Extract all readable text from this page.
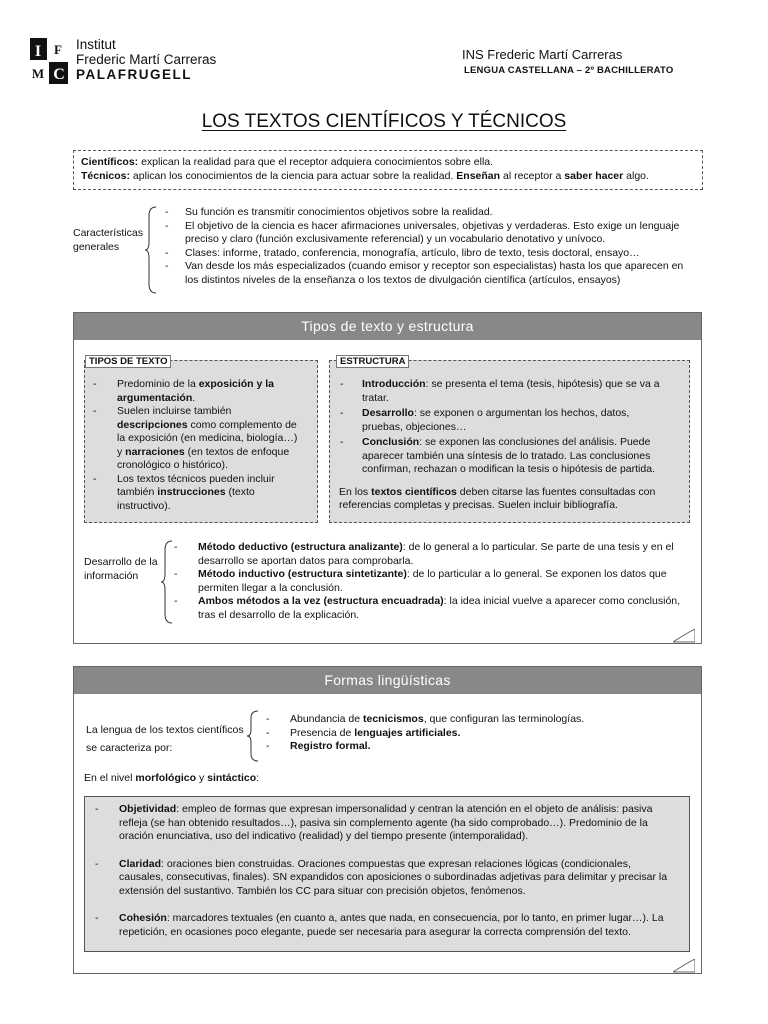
I F
M C
Institut
Frederic Martí Carreras
PALAFRUGELL
INS Frederic Martí Carreras
LENGUA CASTELLANA – 2º BACHILLERATO
LOS TEXTOS CIENTÍFICOS Y TÉCNICOS
Científicos: explican la realidad para que el receptor adquiera conocimientos sobre ella.
Técnicos: aplican los conocimientos de la ciencia para actuar sobre la realidad. Enseñan al receptor a saber hacer algo.
Características
generales
- Su función es transmitir conocimientos objetivos sobre la realidad.
- El objetivo de la ciencia es hacer afirmaciones universales, objetivas y verdaderas. Esto exige un lenguaje preciso y claro (función exclusivamente referencial) y un vocabulario denotativo y unívoco.
- Clases: informe, tratado, conferencia, monografía, artículo, libro de texto, tesis doctoral, ensayo…
- Van desde los más especializados (cuando emisor y receptor son especialistas) hasta los que aparecen en los distintos niveles de la enseñanza o los textos de divulgación científica (artículos, ensayos)
Tipos de texto y estructura
TIPOS DE TEXTO
- Predominio de la exposición y la argumentación.
- Suelen incluirse también descripciones como complemento de la exposición (en medicina, biología…) y narraciones (en textos de enfoque cronológico o histórico).
- Los textos técnicos pueden incluir también instrucciones (texto instructivo).
ESTRUCTURA
- Introducción: se presenta el tema (tesis, hipótesis) que se va a tratar.
- Desarrollo: se exponen o argumentan los hechos, datos, pruebas, objeciones…
- Conclusión: se exponen las conclusiones del análisis. Puede aparecer también una síntesis de lo tratado. Las conclusiones confirman, rechazan o modifican la tesis o hipótesis de partida.
En los textos científicos deben citarse las fuentes consultadas con referencias completas y precisas. Suelen incluir bibliografía.
Desarrollo de la
información
- Método deductivo (estructura analizante): de lo general a lo particular. Se parte de una tesis y en el desarrollo se aportan datos para comprobarla.
- Método inductivo (estructura sintetizante): de lo particular a lo general. Se exponen los datos que permiten llegar a la conclusión.
- Ambos métodos a la vez (estructura encuadrada): la idea inicial vuelve a aparecer como conclusión, tras el desarrollo de la explicación.
Formas lingüísticas
La lengua de los textos científicos
se caracteriza por:
- Abundancia de tecnicismos, que configuran las terminologías.
- Presencia de lenguajes artificiales.
- Registro formal.
En el nivel morfológico y sintáctico:
- Objetividad: empleo de formas que expresan impersonalidad y centran la atención en el objeto de análisis: pasiva refleja (se han obtenido resultados…), pasiva sin complemento agente (ha sido comprobado…). Predominio de la oración enunciativa, uso del indicativo (realidad) y del tiempo presente (intemporalidad).
- Claridad: oraciones bien construidas. Oraciones compuestas que expresan relaciones lógicas (condicionales, causales, consecutivas, finales). SN expandidos con aposiciones o subordinadas adjetivas para delimitar y precisar la extensión del sustantivo. También los CC para situar con precisión objetos, fenómenos.
- Cohesión: marcadores textuales (en cuanto a, antes que nada, en consecuencia, por lo tanto, en primer lugar…). La repetición, en ocasiones poco elegante, puede ser necesaria para asegurar la correcta comprensión del texto.
